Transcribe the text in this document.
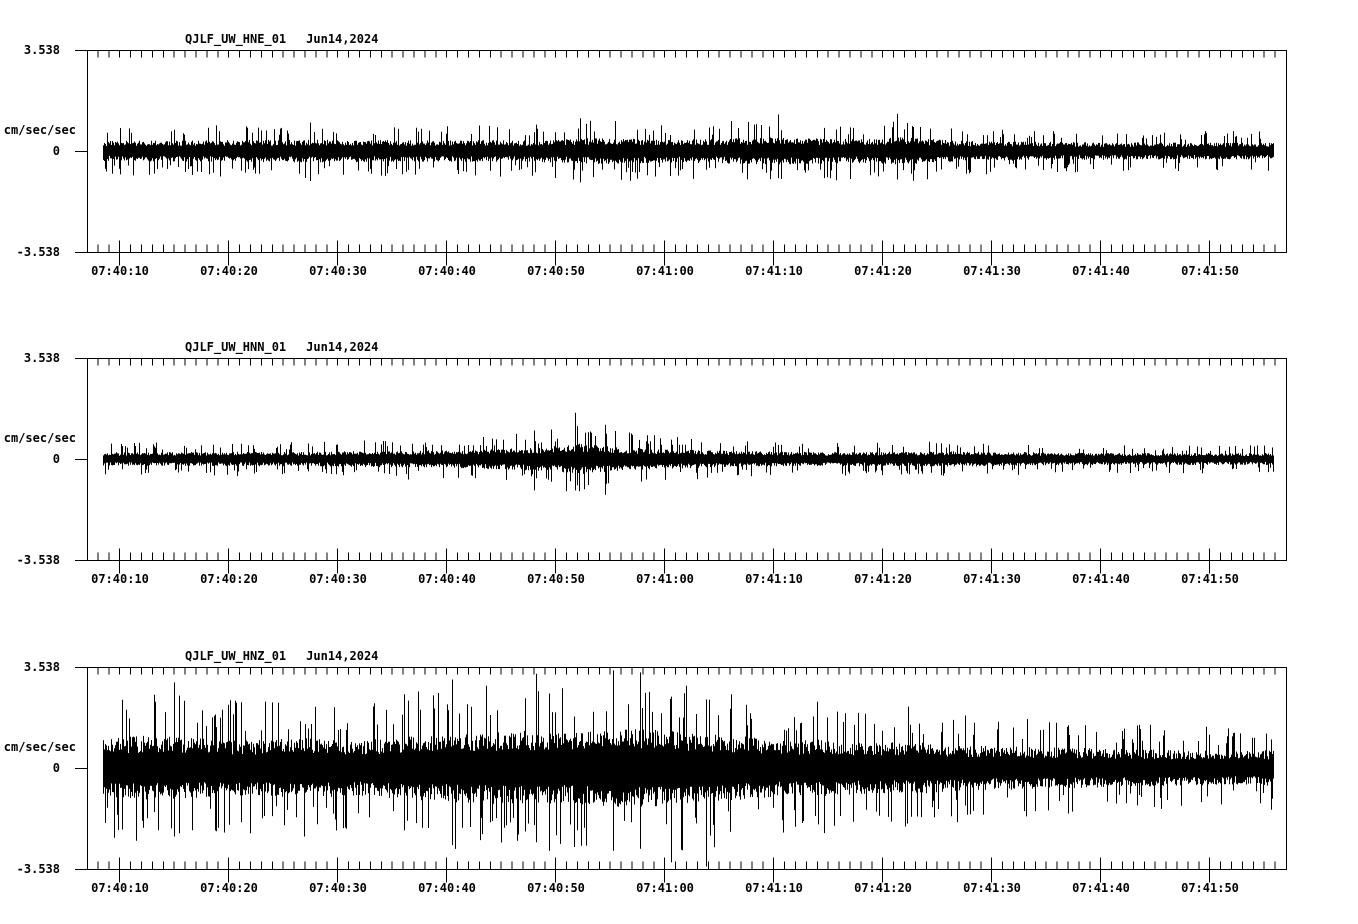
QJLF_UW_HNE_01 Jun14,2024
3.538
cm/sec/sec
0
-3.538
07:40:10	07:40:20	07:40:30	07:40:40	07:40:50	07:41:00	07:41:10	07:41:20	07:41:30	07:41:40	07:41:50
QJLF_UW_HNN_01 Jun14,2024
3.538
cm/sec/sec
0
-3.538
07:40:10	07:40:20	07:40:30	07:40:40	07:40:50	07:41:00	07:41:10	07:41:20	07:41:30	07:41:40	07:41:50
QJLF_UW_HNZ_01 Jun14,2024
3.538
cm/sec/sec
0
-3.538
07:40:10	07:40:20	07:40:30	07:40:40	07:40:50	07:41:00	07:41:10	07:41:20	07:41:30	07:41:40	07:41:50
